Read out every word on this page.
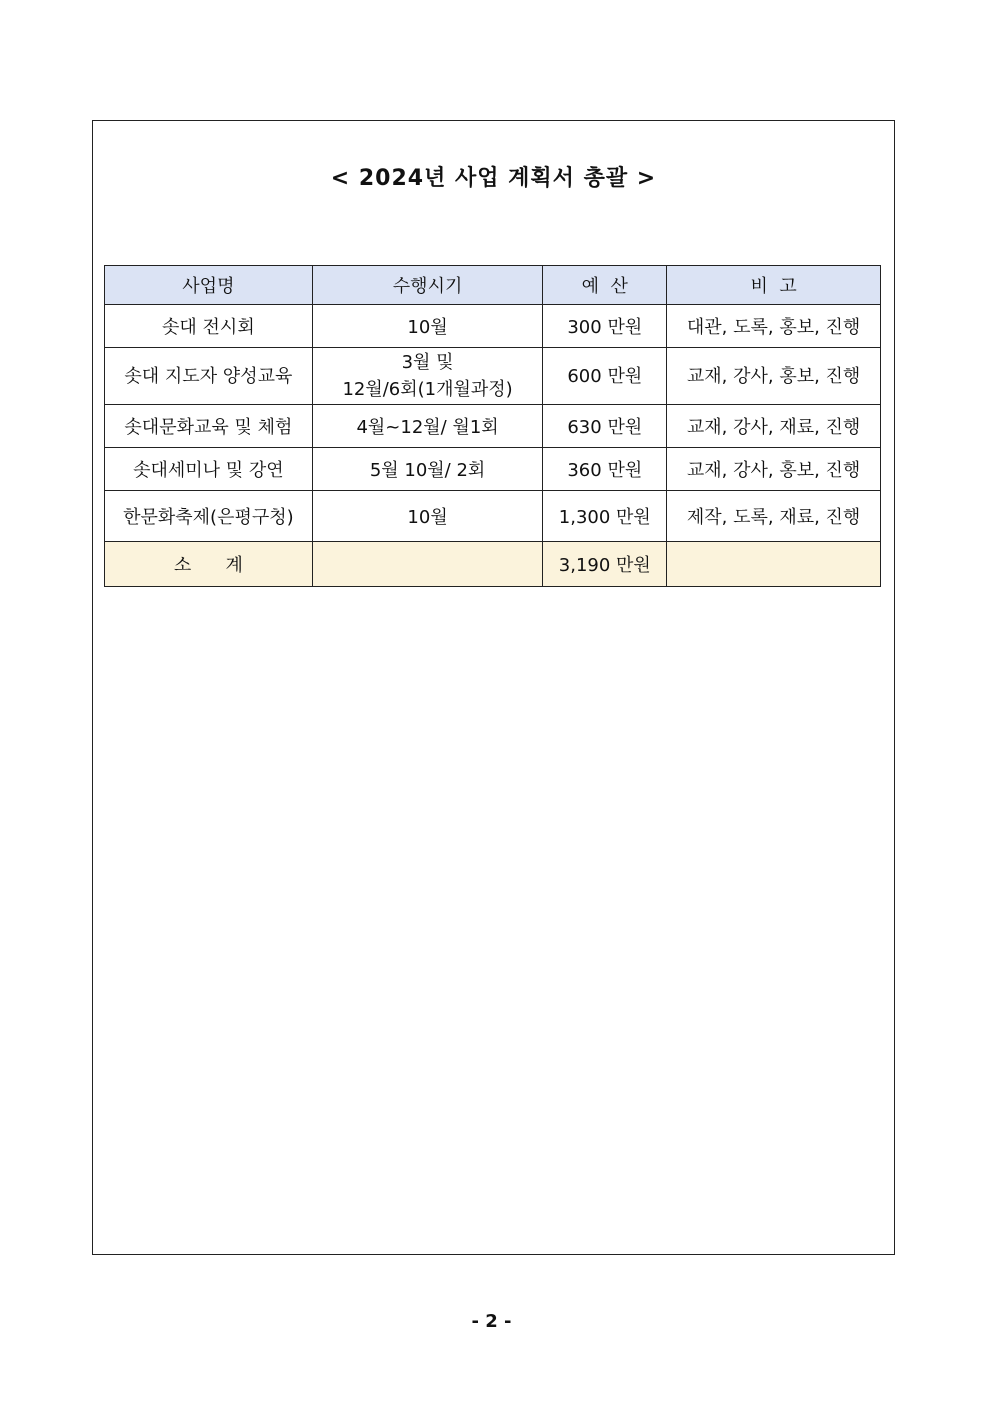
< 2024년 사업 계획서 총괄 >
사업명	수행시기	예  산	비  고
솟대 전시회	10월	300 만원	대관, 도록, 홍보, 진행
솟대 지도자 양성교육	3월 및
12월/6회(1개월과정)	600 만원	교재, 강사, 홍보, 진행
솟대문화교육 및 체험	4월~12월/ 월1회	630 만원	교재, 강사, 재료, 진행
솟대세미나 및 강연	5월 10월/ 2회	360 만원	교재, 강사, 홍보, 진행
한문화축제(은평구청)	10월	1,300 만원	제작, 도록, 재료, 진행
소      계		3,190 만원	
- 2 -
